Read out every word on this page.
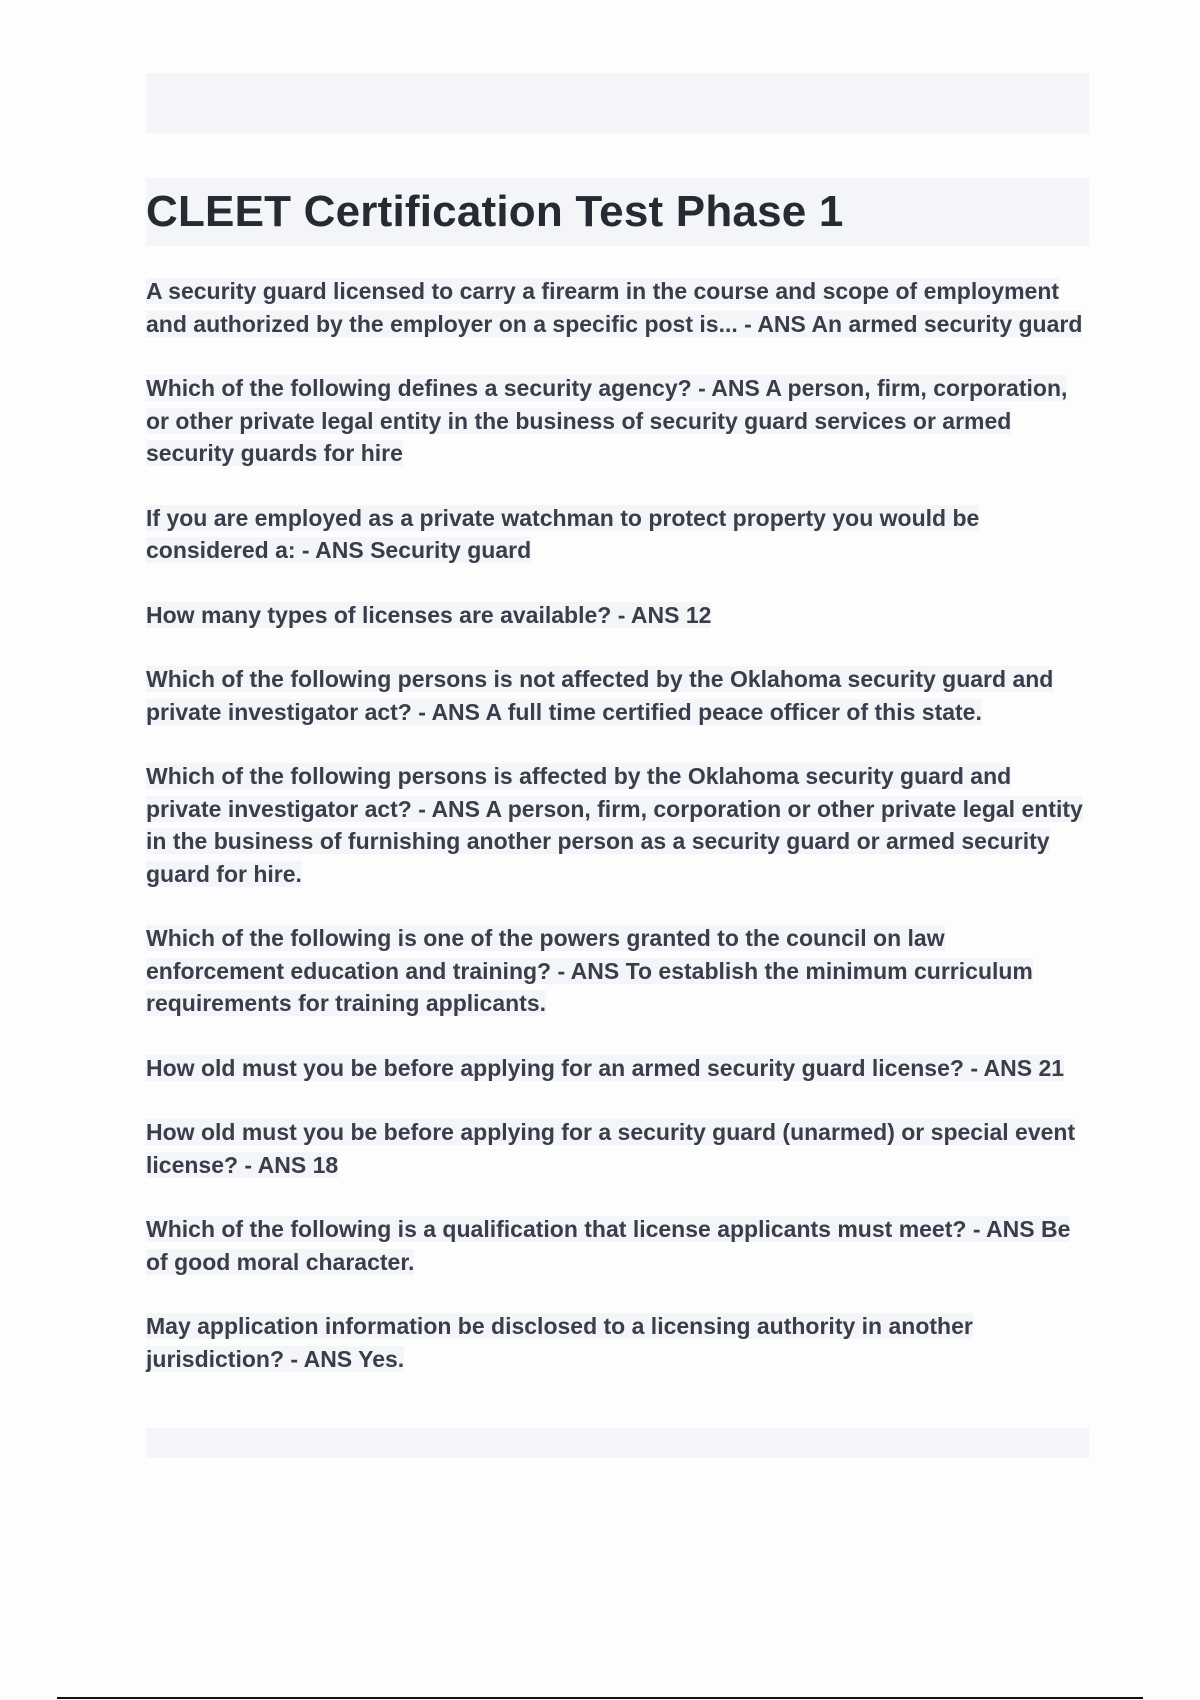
CLEET Certification Test Phase 1
A security guard licensed to carry a firearm in the course and scope of employment and authorized by the employer on a specific post is... - ANS An armed security guard
Which of the following defines a security agency? - ANS A person, firm, corporation, or other private legal entity in the business of security guard services or armed security guards for hire
If you are employed as a private watchman to protect property you would be considered a: - ANS Security guard
How many types of licenses are available? - ANS 12
Which of the following persons is not affected by the Oklahoma security guard and private investigator act? - ANS A full time certified peace officer of this state.
Which of the following persons is affected by the Oklahoma security guard and private investigator act? - ANS A person, firm, corporation or other private legal entity in the business of furnishing another person as a security guard or armed security guard for hire.
Which of the following is one of the powers granted to the council on law enforcement education and training? - ANS To establish the minimum curriculum requirements for training applicants.
How old must you be before applying for an armed security guard license? - ANS 21
How old must you be before applying for a security guard (unarmed) or special event license? - ANS 18
Which of the following is a qualification that license applicants must meet? - ANS Be of good moral character.
May application information be disclosed to a licensing authority in another jurisdiction? - ANS Yes.
